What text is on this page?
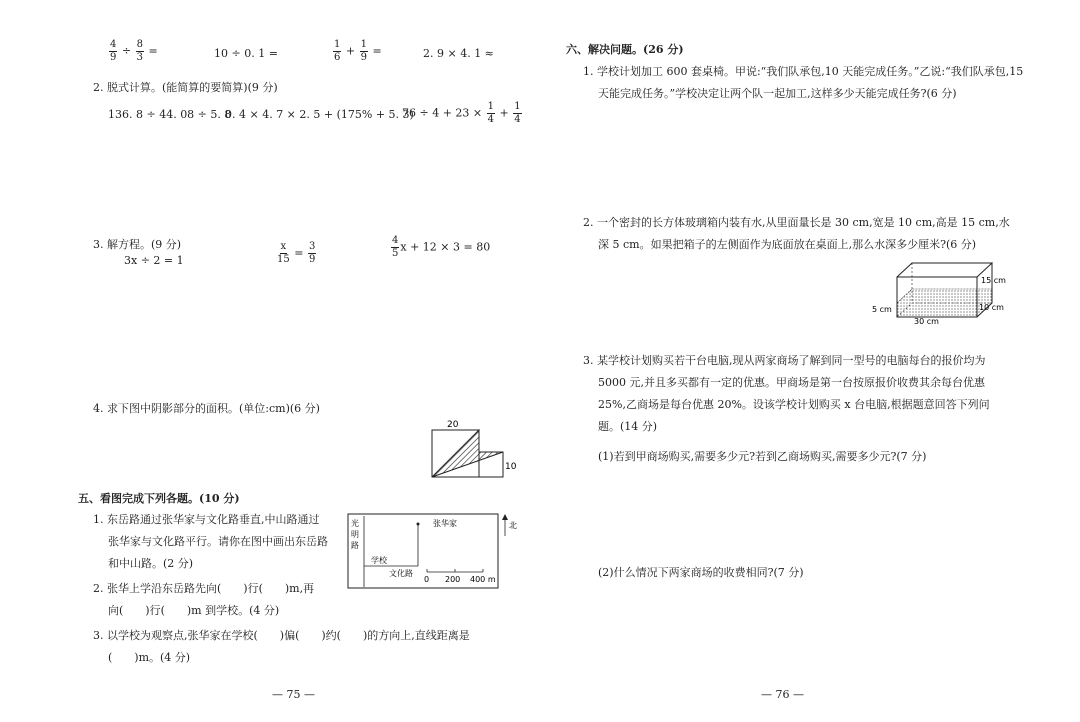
$\frac{4}{9} \div \frac{8}{3}$ =	10 ÷ 0. 1 =	$\frac{1}{6} + \frac{1}{9}$ =	2. 9 × 4. 1 ≈
2. 脱式计算。(能简算的要简算)(9 分)
136. 8 ÷ 44. 08 ÷ 5. 8
0. 4 × 4. 7 × 2. 5 + (175% + 5. 3)
$76 \div 4 + 23 \times \frac{1}{4} + \frac{1}{4}$
3. 解方程。(9 分)
3x ÷ 2 = 1	$\frac{x}{15} = \frac{3}{9}$	$\frac{4}{5}$ x + 12 × 3 = 80
4. 求下图中阴影部分的面积。(单位:cm)(6 分)
20
10
五、看图完成下列各题。(10 分)
1. 东岳路通过张华家与文化路垂直,中山路通过
张华家与文化路平行。请你在图中画出东岳路
和中山路。(2 分)
2. 张华上学沿东岳路先向(　　)行(　　)m,再
向(　　)行(　　)m 到学校。(4 分)
3. 以学校为观察点,张华家在学校(　　)偏(　　)约(　　)的方向上,直线距离是
(　　)m。(4 分)
光
明
路
张华家
学校
文化路
0 200 400 m
北
— 75 —
六、解决问题。(26 分)
1. 学校计划加工 600 套桌椅。甲说:“我们队承包,10 天能完成任务。”乙说:“我们队承包,15
天能完成任务。”学校决定让两个队一起加工,这样多少天能完成任务?(6 分)
2. 一个密封的长方体玻璃箱内装有水,从里面量长是 30 cm,宽是 10 cm,高是 15 cm,水
深 5 cm。如果把箱子的左侧面作为底面放在桌面上,那么水深多少厘米?(6 分)
15 cm
10 cm
5 cm
30 cm
3. 某学校计划购买若干台电脑,现从两家商场了解到同一型号的电脑每台的报价均为
5000 元,并且多买都有一定的优惠。甲商场是第一台按原报价收费其余每台优惠
25%,乙商场是每台优惠 20%。设该学校计划购买 x 台电脑,根据题意回答下列问
题。(14 分)
(1)若到甲商场购买,需要多少元?若到乙商场购买,需要多少元?(7 分)
(2)什么情况下两家商场的收费相同?(7 分)
— 76 —
